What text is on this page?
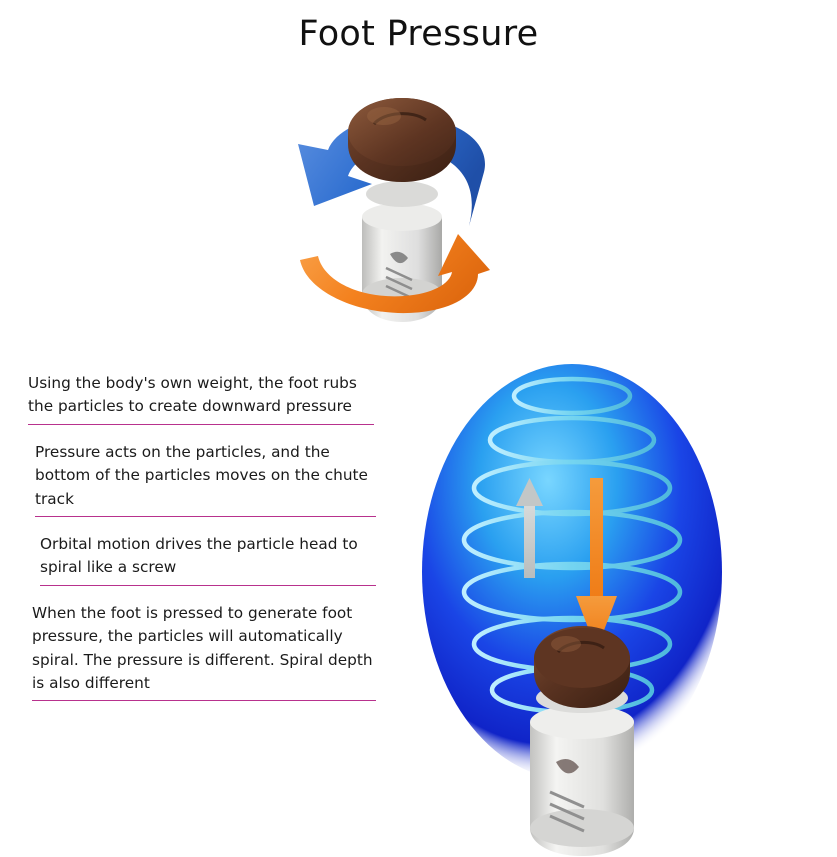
Foot Pressure

Using the body's own weight, the foot rubs the particles to create downward pressure

Pressure acts on the particles, and the bottom of the particles moves on the chute track

Orbital motion drives the particle head to spiral like a screw

When the foot is pressed to generate foot pressure, the particles will automatically spiral. The pressure is different. Spiral depth is also different
